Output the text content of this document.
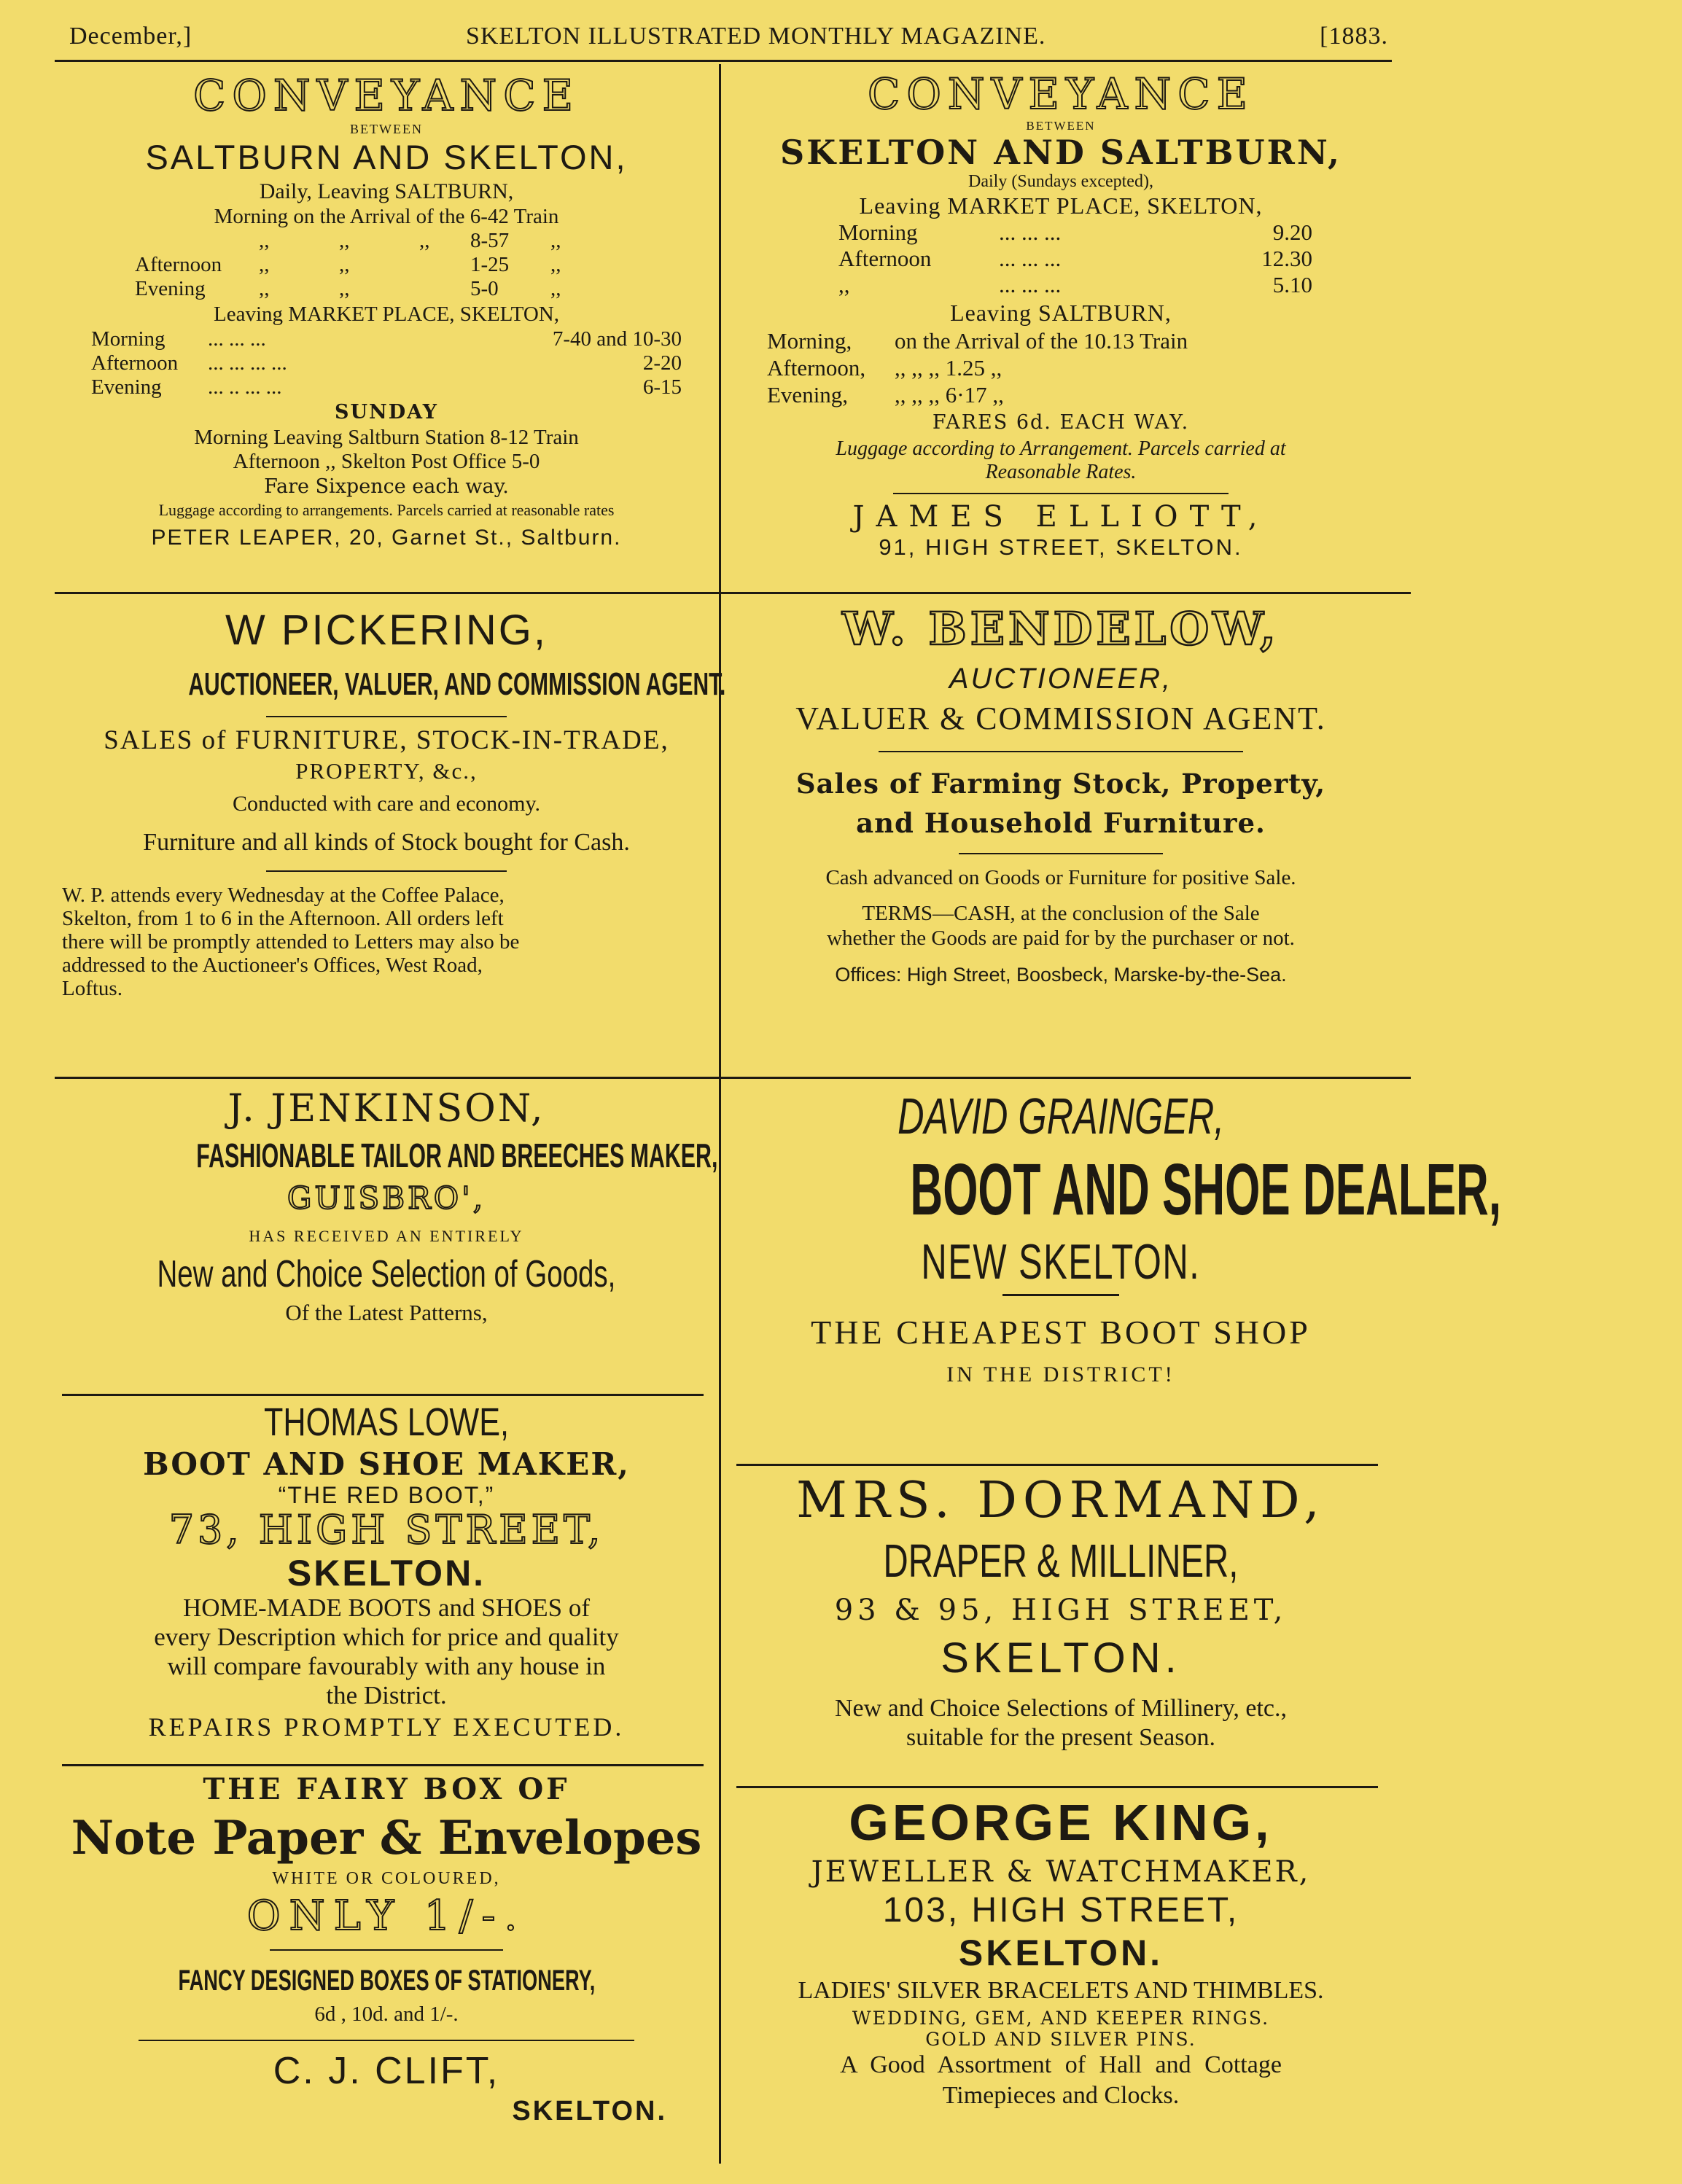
December,]	SKELTON ILLUSTRATED MONTHLY MAGAZINE.	[1883.
CONVEYANCE
BETWEEN
SALTBURN AND SKELTON,
Daily, Leaving SALTBURN,
Morning on the Arrival of the 6-42 Train
,,	,,	,,	8-57	,,
Afternoon	,,	,,	1-25	,,
Evening	,,	,,	5-0	,,
Leaving MARKET PLACE, SKELTON,
Morning	... ... ...	7-40 and 10-30
Afternoon	... ... ... ...	2-20
Evening	... .. ... ...	6-15
SUNDAY
Morning Leaving Saltburn Station 8-12 Train
Afternoon ,, Skelton Post Office 5-0
Fare Sixpence each way.
Luggage according to arrangements. Parcels carried at reasonable rates
PETER LEAPER, 20, Garnet St., Saltburn.
CONVEYANCE
BETWEEN
SKELTON AND SALTBURN,
Daily (Sundays excepted),
Leaving MARKET PLACE, SKELTON,
Morning	... ... ...	9.20
Afternoon	... ... ...	12.30
,,	... ... ...	5.10
Leaving SALTBURN,
Morning,	on the Arrival of the 10.13 Train
Afternoon,	,, ,, ,, 1.25 ,,
Evening,	,, ,, ,, 6·17 ,,
FARES 6d. EACH WAY.
Luggage according to Arrangement. Parcels carried at
Reasonable Rates.
JAMES ELLIOTT,
91, HIGH STREET, SKELTON.
W PICKERING,
AUCTIONEER, VALUER, AND COMMISSION AGENT.
SALES of FURNITURE, STOCK-IN-TRADE,
PROPERTY, &c.,
Conducted with care and economy.
Furniture and all kinds of Stock bought for Cash.
W. P. attends every Wednesday at the Coffee Palace,
Skelton, from 1 to 6 in the Afternoon. All orders left
there will be promptly attended to Letters may also be
addressed to the Auctioneer's Offices, West Road,
Loftus.
W. BENDELOW,
AUCTIONEER,
VALUER & COMMISSION AGENT.
Sales of Farming Stock, Property,
and Household Furniture.
Cash advanced on Goods or Furniture for positive Sale.
TERMS—CASH, at the conclusion of the Sale
whether the Goods are paid for by the purchaser or not.
Offices: High Street, Boosbeck, Marske-by-the-Sea.
J. JENKINSON,
FASHIONABLE TAILOR AND BREECHES MAKER,
GUISBRO',
HAS RECEIVED AN ENTIRELY
New and Choice Selection of Goods,
Of the Latest Patterns,
DAVID GRAINGER,
BOOT AND SHOE DEALER,
NEW SKELTON.
THE CHEAPEST BOOT SHOP
IN THE DISTRICT!
THOMAS LOWE,
BOOT AND SHOE MAKER,
“THE RED BOOT,”
73, HIGH STREET,
SKELTON.
HOME-MADE BOOTS and SHOES of
every Description which for price and quality
will compare favourably with any house in
the District.
REPAIRS PROMPTLY EXECUTED.
MRS. DORMAND,
DRAPER & MILLINER,
93 & 95, HIGH STREET,
SKELTON.
New and Choice Selections of Millinery, etc.,
suitable for the present Season.
THE FAIRY BOX OF
Note Paper & Envelopes
WHITE OR COLOURED,
ONLY 1/-.
FANCY DESIGNED BOXES OF STATIONERY,
6d , 10d. and 1/-.
C. J. CLIFT,
SKELTON.
GEORGE KING,
JEWELLER & WATCHMAKER,
103, HIGH STREET,
SKELTON.
LADIES' SILVER BRACELETS AND THIMBLES.
WEDDING, GEM, AND KEEPER RINGS.
GOLD AND SILVER PINS.
A Good Assortment of Hall and Cottage
Timepieces and Clocks.
